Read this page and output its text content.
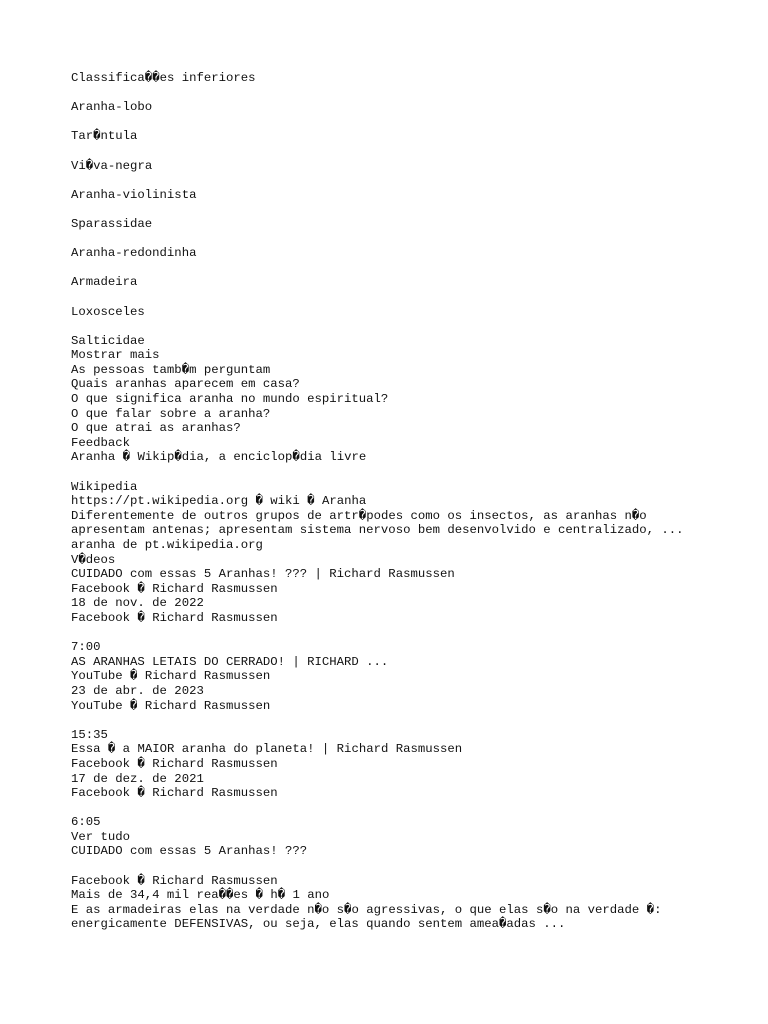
Classifica��es inferiores
Aranha-lobo
Tar�ntula
Vi�va-negra
Aranha-violinista
Sparassidae
Aranha-redondinha
Armadeira
Loxosceles
Salticidae
Mostrar mais
As pessoas tamb�m perguntam
Quais aranhas aparecem em casa?
O que significa aranha no mundo espiritual?
O que falar sobre a aranha?
O que atrai as aranhas?
Feedback
Aranha � Wikip�dia, a enciclop�dia livre
Wikipedia
https://pt.wikipedia.org � wiki � Aranha
Diferentemente de outros grupos de artr�podes como os insectos, as aranhas n�o
apresentam antenas; apresentam sistema nervoso bem desenvolvido e centralizado, ...
aranha de pt.wikipedia.org
V�deos
CUIDADO com essas 5 Aranhas! ??? | Richard Rasmussen
Facebook � Richard Rasmussen
18 de nov. de 2022
Facebook � Richard Rasmussen
7:00
AS ARANHAS LETAIS DO CERRADO! | RICHARD ...
YouTube � Richard Rasmussen
23 de abr. de 2023
YouTube � Richard Rasmussen
15:35
Essa � a MAIOR aranha do planeta! | Richard Rasmussen
Facebook � Richard Rasmussen
17 de dez. de 2021
Facebook � Richard Rasmussen
6:05
Ver tudo
CUIDADO com essas 5 Aranhas! ???
Facebook � Richard Rasmussen
Mais de 34,4 mil rea��es � h� 1 ano
E as armadeiras elas na verdade n�o s�o agressivas, o que elas s�o na verdade �:
energicamente DEFENSIVAS, ou seja, elas quando sentem amea�adas ...
